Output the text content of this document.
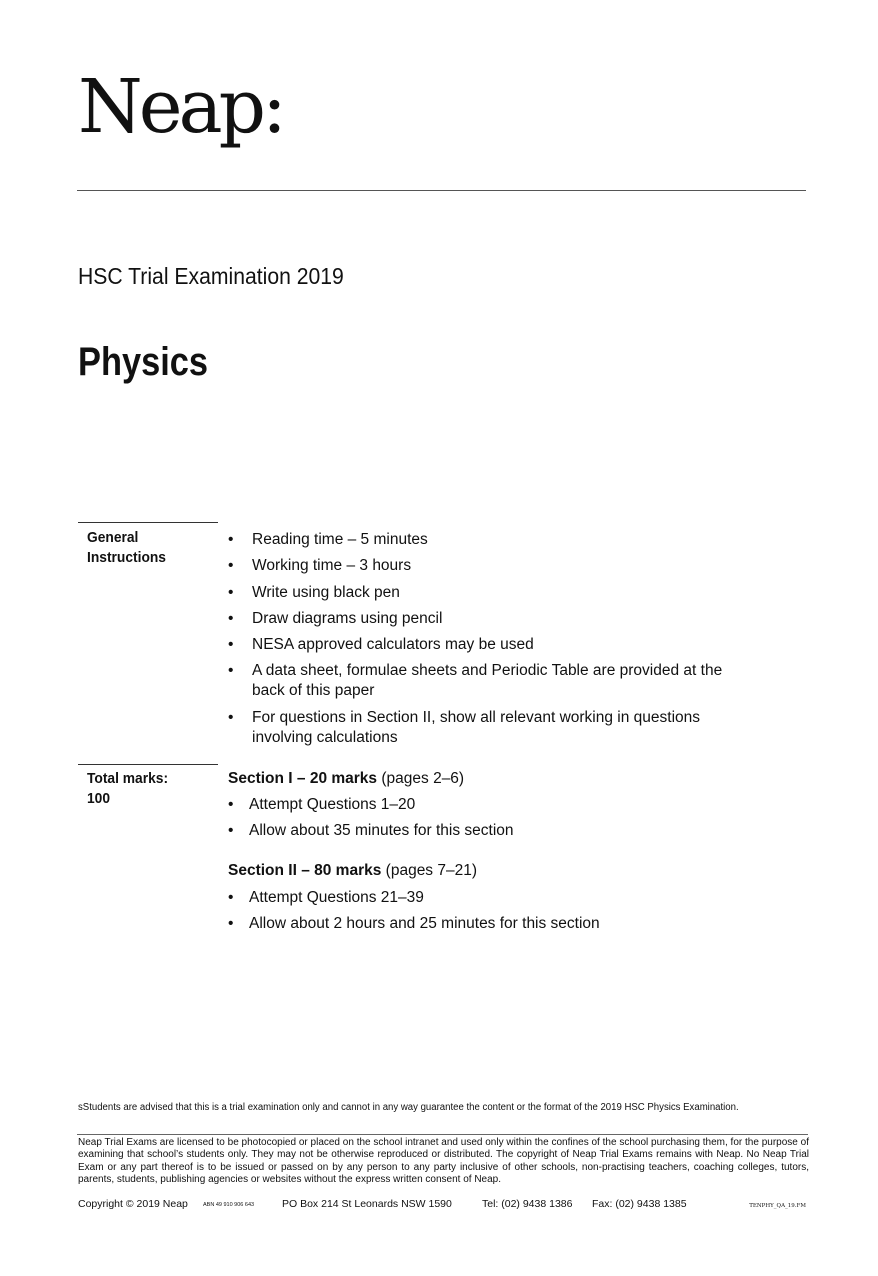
Neap:
HSC Trial Examination 2019
Physics
General
Instructions
• Reading time – 5 minutes
• Working time – 3 hours
• Write using black pen
• Draw diagrams using pencil
• NESA approved calculators may be used
• A data sheet, formulae sheets and Periodic Table are provided at the back of this paper
• For questions in Section II, show all relevant working in questions involving calculations
Total marks:
100
Section I – 20 marks (pages 2–6)
• Attempt Questions 1–20
• Allow about 35 minutes for this section
Section II – 80 marks (pages 7–21)
• Attempt Questions 21–39
• Allow about 2 hours and 25 minutes for this section
sStudents are advised that this is a trial examination only and cannot in any way guarantee the content or the format of the 2019 HSC Physics Examination.
Neap Trial Exams are licensed to be photocopied or placed on the school intranet and used only within the confines of the school purchasing them, for the purpose of examining that school’s students only. They may not be otherwise reproduced or distributed. The copyright of Neap Trial Exams remains with Neap. No Neap Trial Exam or any part thereof is to be issued or passed on by any person to any party inclusive of other schools, non-practising teachers, coaching colleges, tutors, parents, students, publishing agencies or websites without the express written consent of Neap.
Copyright © 2019 Neap	ABN 49 910 906 643	PO Box 214 St Leonards NSW 1590	Tel: (02) 9438 1386 Fax: (02) 9438 1385	TENPHY_QA_19.FM
